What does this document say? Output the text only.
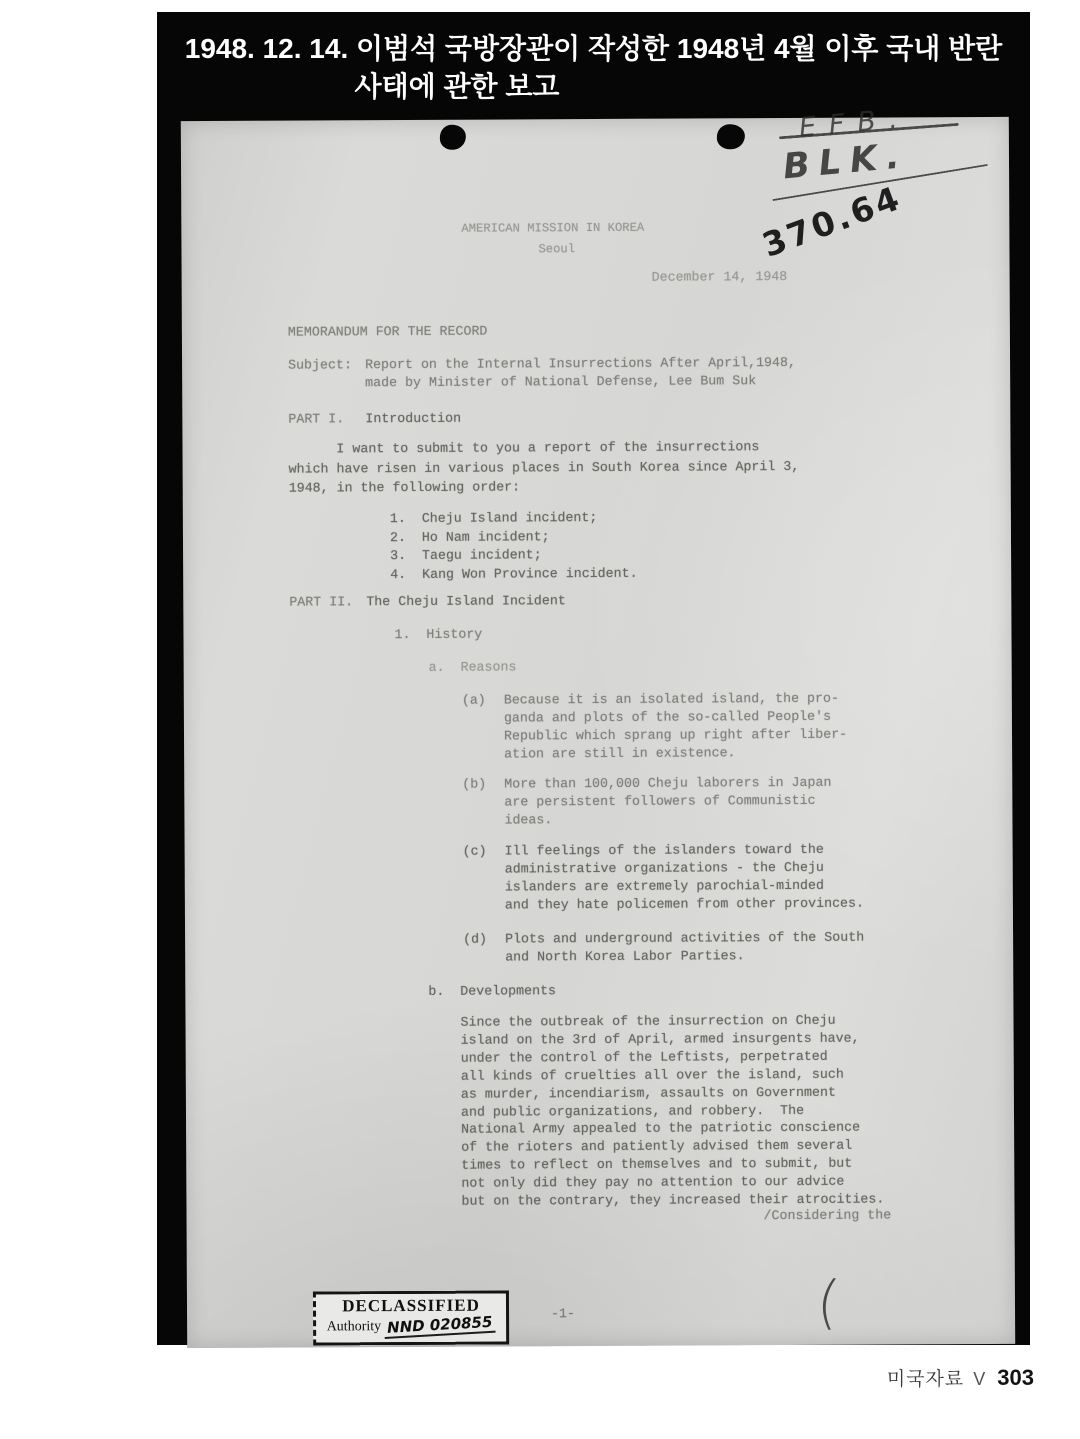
1948. 12. 14. 이범석 국방장관이 작성한 1948년 4월 이후 국내 반란
사태에 관한 보고
EFB.
BLK.
370.64
(
AMERICAN MISSION IN KOREA
Seoul
December 14, 1948
MEMORANDUM FOR THE RECORD
Subject: Report on the Internal Insurrections After April,1948,
made by Minister of National Defense, Lee Bum Suk
PART I. Introduction
I want to submit to you a report of the insurrections
which have risen in various places in South Korea since April 3,
1948, in the following order:
1.  Cheju Island incident;
2.  Ho Nam incident;
3.  Taegu incident;
4.  Kang Won Province incident.
PART II. The Cheju Island Incident
1.  History
a.  Reasons
(a) Because it is an isolated island, the pro-
ganda and plots of the so-called People's
Republic which sprang up right after liber-
ation are still in existence.
(b) More than 100,000 Cheju laborers in Japan
are persistent followers of Communistic
ideas.
(c) Ill feelings of the islanders toward the
administrative organizations - the Cheju
islanders are extremely parochial-minded
and they hate policemen from other provinces.
(d) Plots and underground activities of the South
and North Korea Labor Parties.
b.  Developments
Since the outbreak of the insurrection on Cheju
island on the 3rd of April, armed insurgents have,
under the control of the Leftists, perpetrated
all kinds of cruelties all over the island, such
as murder, incendiarism, assaults on Government
and public organizations, and robbery.  The
National Army appealed to the patriotic conscience
of the rioters and patiently advised them several
times to reflect on themselves and to submit, but
not only did they pay no attention to our advice
but on the contrary, they increased their atrocities.
/Considering the
-1-
DECLASSIFIED
Authority NND 020855
미국자료 V 303
